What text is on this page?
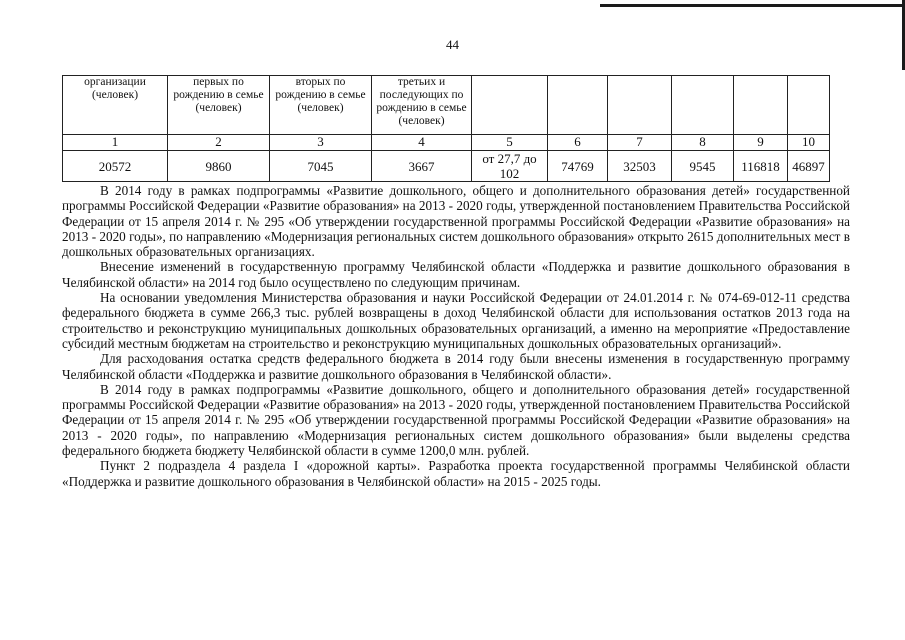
44
организации (человек)	первых по рождению в семье (человек)	вторых по рождению в семье (человек)	третьих и последующих по рождению в семье (человек)						
1	2	3	4	5	6	7	8	9	10
20572	9860	7045	3667	от 27,7 до 102	74769	32503	9545	116818	46897

В 2014 году в рамках подпрограммы «Развитие дошкольного, общего и дополнительного образования детей» государственной программы Российской Федерации «Развитие образования» на 2013 - 2020 годы, утвержденной постановлением Правительства Российской Федерации от 15 апреля 2014 г. № 295 «Об утверждении государственной программы Российской Федерации «Развитие образования» на 2013 - 2020 годы», по направлению «Модернизация региональных систем дошкольного образования» открыто 2615 дополнительных мест в дошкольных образовательных организациях.

Внесение изменений в государственную программу Челябинской области «Поддержка и развитие дошкольного образования в Челябинской области» на 2014 год было осуществлено по следующим причинам.

На основании уведомления Министерства образования и науки Российской Федерации от 24.01.2014 г. № 074-69-012-11 средства федерального бюджета в сумме 266,3 тыс. рублей возвращены в доход Челябинской области для использования остатков 2013 года на строительство и реконструкцию муниципальных дошкольных образовательных организаций, а именно на мероприятие «Предоставление субсидий местным бюджетам на строительство и реконструкцию муниципальных дошкольных образовательных организаций».

Для расходования остатка средств федерального бюджета в 2014 году были внесены изменения в государственную программу Челябинской области «Поддержка и развитие дошкольного образования в Челябинской области».

В 2014 году в рамках подпрограммы «Развитие дошкольного, общего и дополнительного образования детей» государственной программы Российской Федерации «Развитие образования» на 2013 - 2020 годы, утвержденной постановлением Правительства Российской Федерации от 15 апреля 2014 г. № 295 «Об утверждении государственной программы Российской Федерации «Развитие образования» на 2013 - 2020 годы», по направлению «Модернизация региональных систем дошкольного образования» были выделены средства федерального бюджета бюджету Челябинской области в сумме 1200,0 млн. рублей.

Пункт 2 подраздела 4 раздела I «дорожной карты». Разработка проекта государственной программы Челябинской области «Поддержка и развитие дошкольного образования в Челябинской области» на 2015 - 2025 годы.
